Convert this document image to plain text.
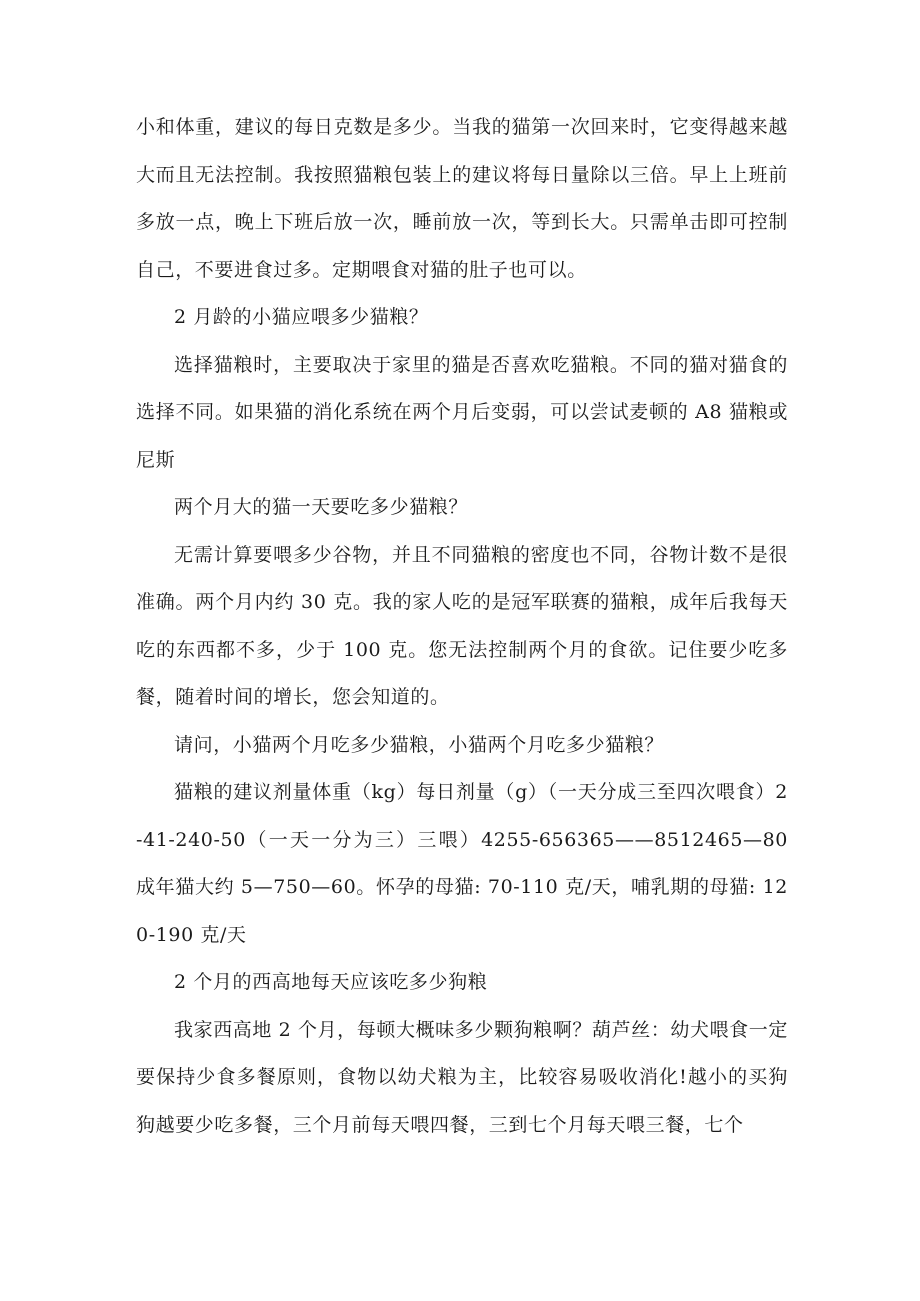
小和体重，建议的每日克数是多少。当我的猫第一次回来时，它变得越来越大而且无法控制。我按照猫粮包装上的建议将每日量除以三倍。早上上班前多放一点，晚上下班后放一次，睡前放一次，等到长大。只需单击即可控制自己，不要进食过多。定期喂食对猫的肚子也可以。

2 月龄的小猫应喂多少猫粮？

选择猫粮时，主要取决于家里的猫是否喜欢吃猫粮。不同的猫对猫食的选择不同。如果猫的消化系统在两个月后变弱，可以尝试麦顿的 A8 猫粮或尼斯

两个月大的猫一天要吃多少猫粮？

无需计算要喂多少谷物，并且不同猫粮的密度也不同，谷物计数不是很准确。两个月内约 30 克。我的家人吃的是冠军联赛的猫粮，成年后我每天吃的东西都不多，少于 100 克。您无法控制两个月的食欲。记住要少吃多餐，随着时间的增长，您会知道的。

请问，小猫两个月吃多少猫粮，小猫两个月吃多少猫粮？

猫粮的建议剂量体重（kg）每日剂量（g）（一天分成三至四次喂食）2-41-240-50（一天一分为三）三喂）4255-656365——8512465—80 成年猫大约 5—750—60。怀孕的母猫: 70-110 克/天，哺乳期的母猫: 120-190 克/天

2 个月的西高地每天应该吃多少狗粮

我家西高地 2 个月，每顿大概味多少颗狗粮啊？葫芦丝：幼犬喂食一定要保持少食多餐原则，食物以幼犬粮为主，比较容易吸收消化!越小的买狗狗越要少吃多餐，三个月前每天喂四餐，三到七个月每天喂三餐，七个
